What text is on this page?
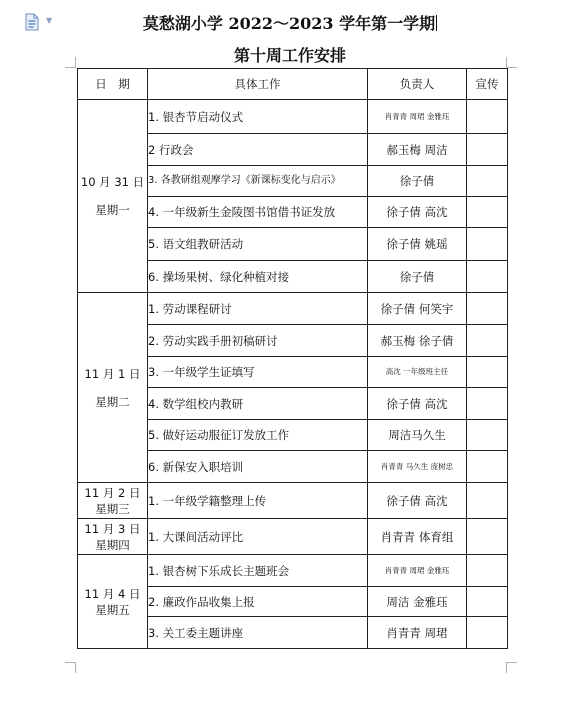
▼	莫愁湖小学 2022～2023 学年第一学期
第十周工作安排
日　期	具体工作	负责人	宣传

10 月 31 日
星期一	1. 银杏节启动仪式	肖青青 周珺 金雅珏	
	2 行政会	郝玉梅 周洁	
	3. 各教研组观摩学习《新课标变化与启示》	徐子倩	
	4. 一年级新生金陵图书馆借书证发放	徐子倩 高沈	
	5. 语文组教研活动	徐子倩 姚瑶	
	6. 操场果树、绿化种植对接	徐子倩	

11 月 1 日
星期二	1. 劳动课程研讨	徐子倩 何笑宇	
	2. 劳动实践手册初稿研讨	郝玉梅 徐子倩	
	3. 一年级学生证填写	高沈 一年级班主任	
	4. 数学组校内教研	徐子倩 高沈	
	5. 做好运动服征订发放工作	周洁马久生	
	6. 新保安入职培训	肖青青 马久生 庞树忠	

11 月 2 日
星期三	1. 一年级学籍整理上传	徐子倩 高沈	

11 月 3 日
星期四	1. 大课间活动评比	肖青青 体育组	

11 月 4 日
星期五	1. 银杏树下乐成长主题班会	肖青青 周珺 金雅珏	
	2. 廉政作品收集上报	周洁 金雅珏	
	3. 关工委主题讲座	肖青青 周珺	
